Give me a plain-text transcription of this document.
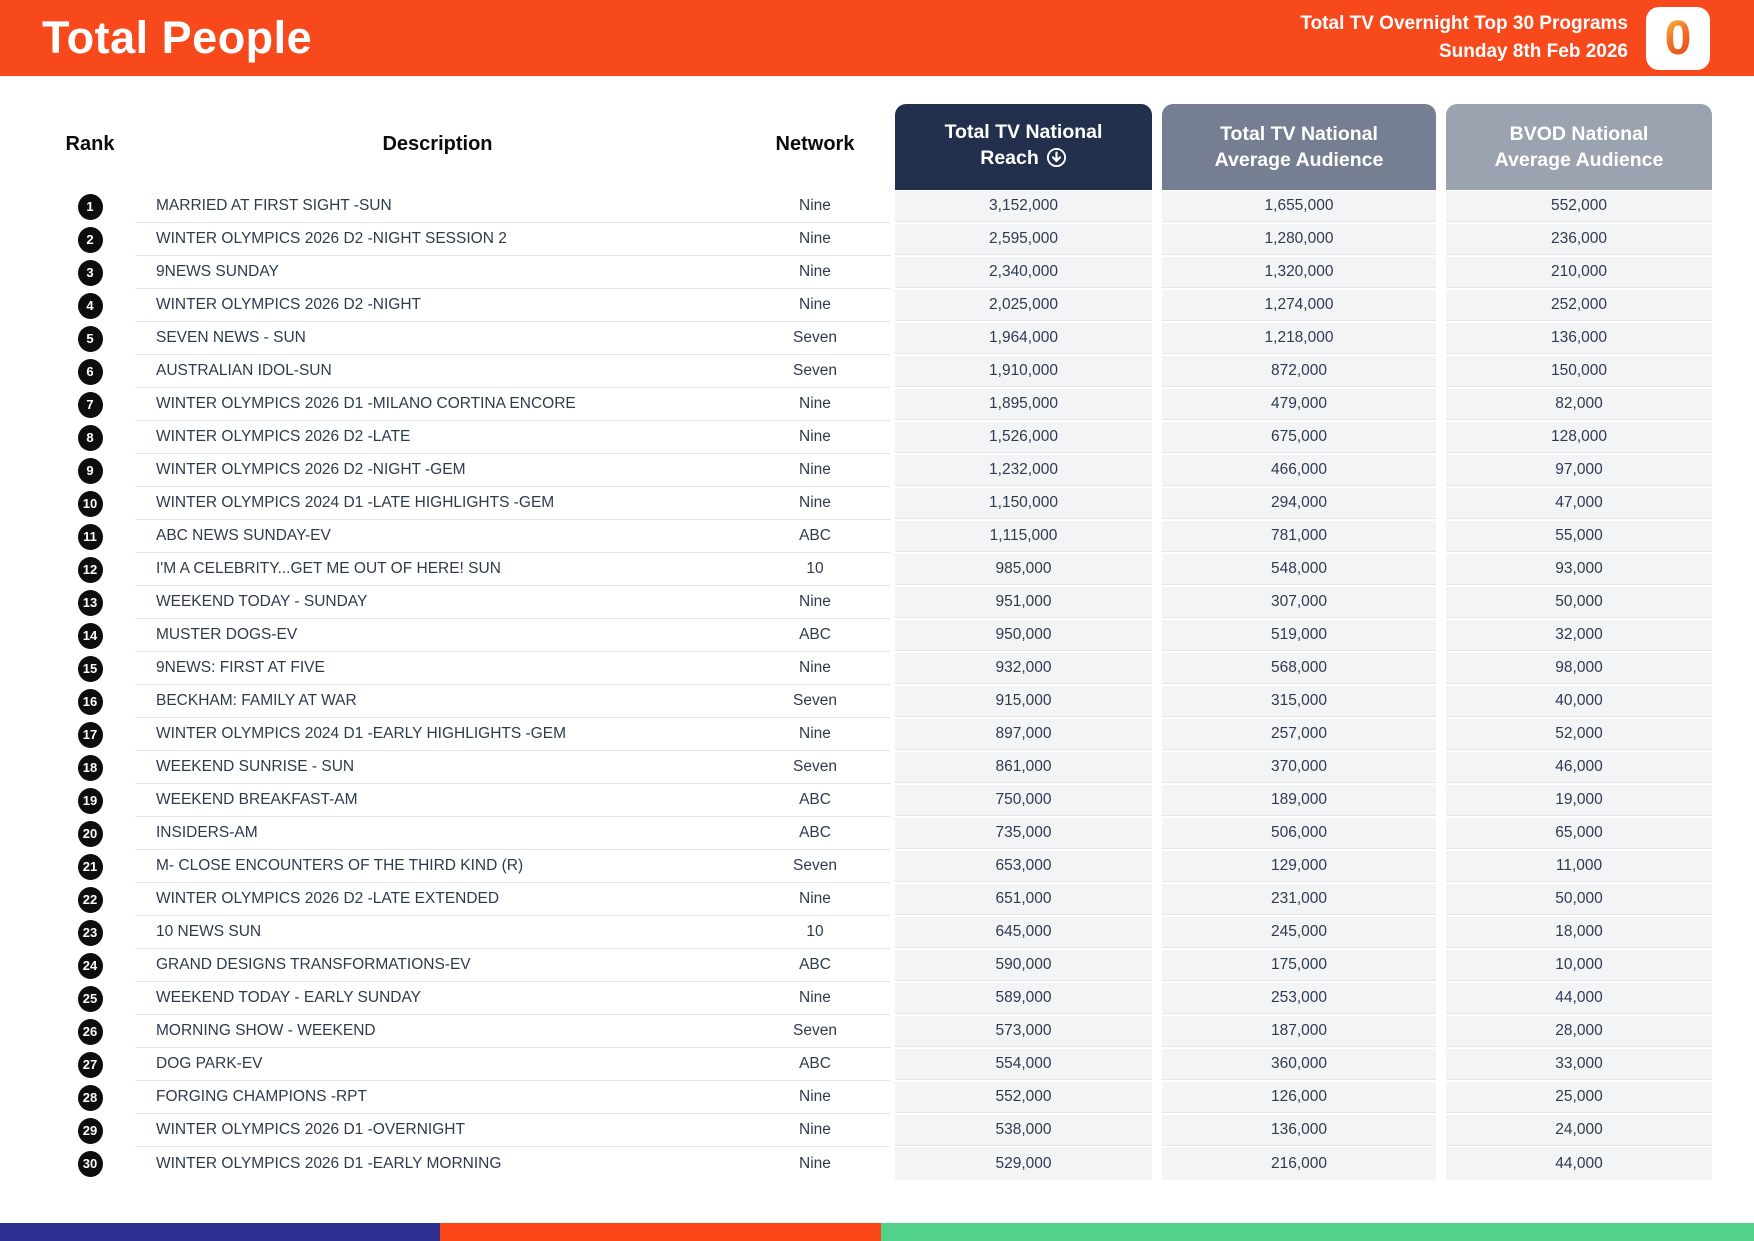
Total People	Total TV Overnight Top 30 Programs
Sunday 8th Feb 2026 0
Rank	Description	Network
Total TV National
Reach
Total TV National
Average Audience
BVOD National
Average Audience
1	MARRIED AT FIRST SIGHT -SUN	Nine	3,152,000	1,655,000	552,000
2	WINTER OLYMPICS 2026 D2 -NIGHT SESSION 2	Nine	2,595,000	1,280,000	236,000
3	9NEWS SUNDAY	Nine	2,340,000	1,320,000	210,000
4	WINTER OLYMPICS 2026 D2 -NIGHT	Nine	2,025,000	1,274,000	252,000
5	SEVEN NEWS - SUN	Seven	1,964,000	1,218,000	136,000
6	AUSTRALIAN IDOL-SUN	Seven	1,910,000	872,000	150,000
7	WINTER OLYMPICS 2026 D1 -MILANO CORTINA ENCORE	Nine	1,895,000	479,000	82,000
8	WINTER OLYMPICS 2026 D2 -LATE	Nine	1,526,000	675,000	128,000
9	WINTER OLYMPICS 2026 D2 -NIGHT -GEM	Nine	1,232,000	466,000	97,000
10	WINTER OLYMPICS 2024 D1 -LATE HIGHLIGHTS -GEM	Nine	1,150,000	294,000	47,000
11	ABC NEWS SUNDAY-EV	ABC	1,115,000	781,000	55,000
12	I'M A CELEBRITY...GET ME OUT OF HERE! SUN	10	985,000	548,000	93,000
13	WEEKEND TODAY - SUNDAY	Nine	951,000	307,000	50,000
14	MUSTER DOGS-EV	ABC	950,000	519,000	32,000
15	9NEWS: FIRST AT FIVE	Nine	932,000	568,000	98,000
16	BECKHAM: FAMILY AT WAR	Seven	915,000	315,000	40,000
17	WINTER OLYMPICS 2024 D1 -EARLY HIGHLIGHTS -GEM	Nine	897,000	257,000	52,000
18	WEEKEND SUNRISE - SUN	Seven	861,000	370,000	46,000
19	WEEKEND BREAKFAST-AM	ABC	750,000	189,000	19,000
20	INSIDERS-AM	ABC	735,000	506,000	65,000
21	M- CLOSE ENCOUNTERS OF THE THIRD KIND (R)	Seven	653,000	129,000	11,000
22	WINTER OLYMPICS 2026 D2 -LATE EXTENDED	Nine	651,000	231,000	50,000
23	10 NEWS SUN	10	645,000	245,000	18,000
24	GRAND DESIGNS TRANSFORMATIONS-EV	ABC	590,000	175,000	10,000
25	WEEKEND TODAY - EARLY SUNDAY	Nine	589,000	253,000	44,000
26	MORNING SHOW - WEEKEND	Seven	573,000	187,000	28,000
27	DOG PARK-EV	ABC	554,000	360,000	33,000
28	FORGING CHAMPIONS -RPT	Nine	552,000	126,000	25,000
29	WINTER OLYMPICS 2026 D1 -OVERNIGHT	Nine	538,000	136,000	24,000
30	WINTER OLYMPICS 2026 D1 -EARLY MORNING	Nine	529,000	216,000	44,000
